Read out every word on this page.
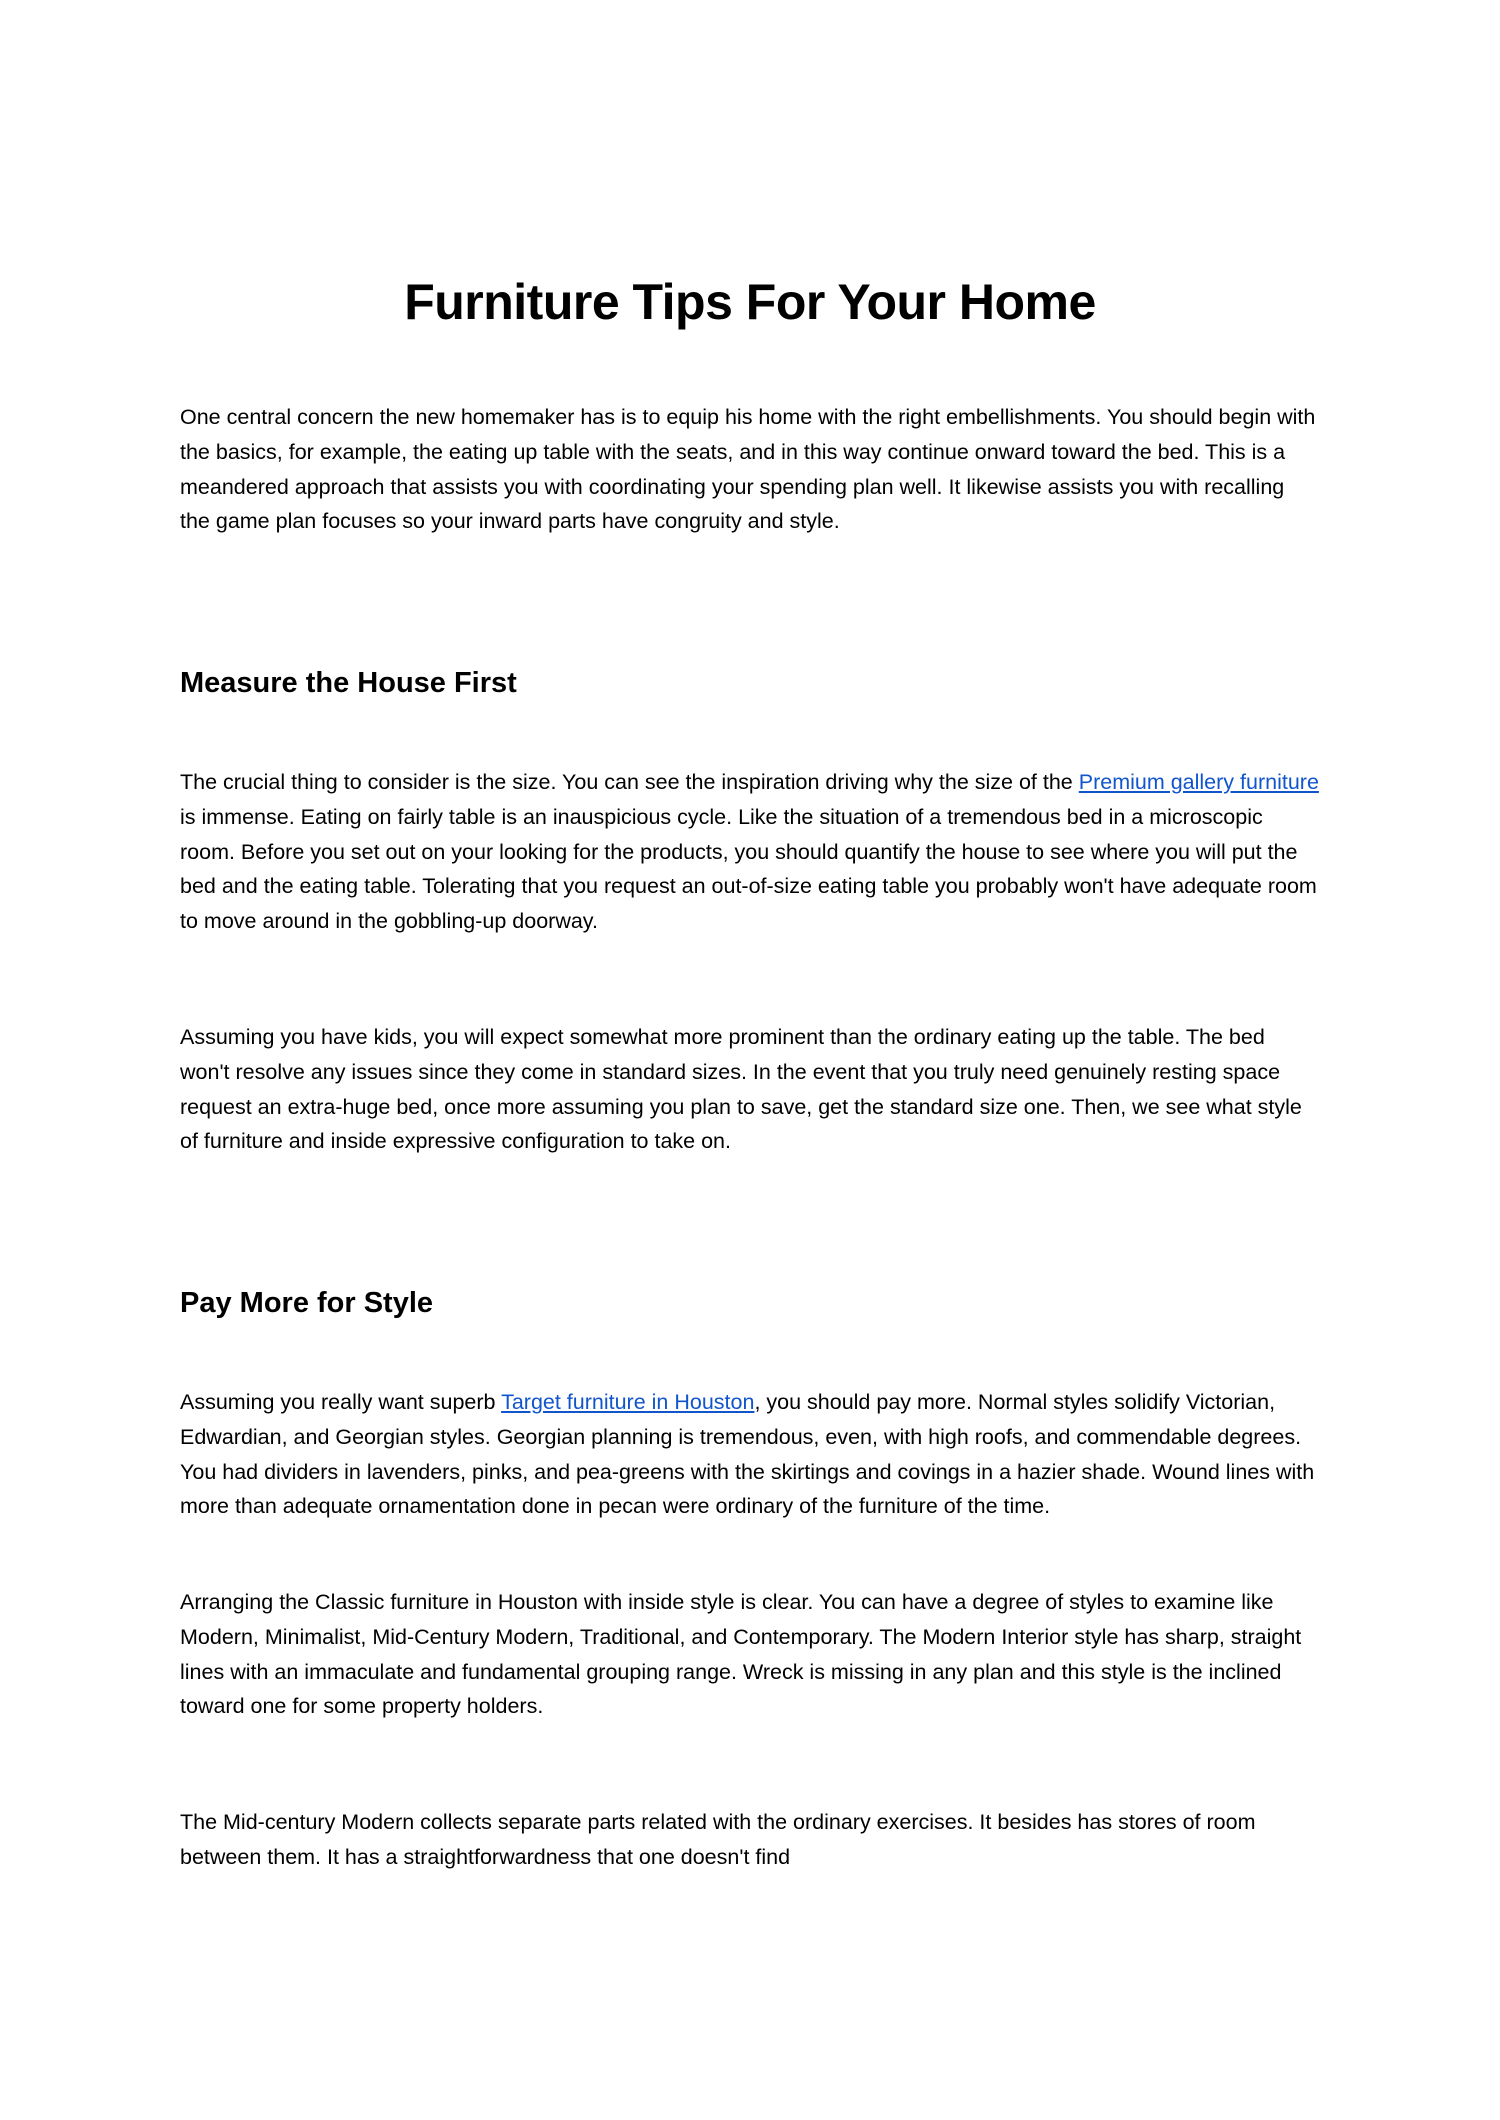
Furniture Tips For Your Home

One central concern the new homemaker has is to equip his home with the right embellishments. You should begin with the basics, for example, the eating up table with the seats, and in this way continue onward toward the bed. This is a meandered approach that assists you with coordinating your spending plan well. It likewise assists you with recalling the game plan focuses so your inward parts have congruity and style.

Measure the House First

The crucial thing to consider is the size. You can see the inspiration driving why the size of the Premium gallery furniture is immense. Eating on fairly table is an inauspicious cycle. Like the situation of a tremendous bed in a microscopic room. Before you set out on your looking for the products, you should quantify the house to see where you will put the bed and the eating table. Tolerating that you request an out-of-size eating table you probably won't have adequate room to move around in the gobbling-up doorway.

Assuming you have kids, you will expect somewhat more prominent than the ordinary eating up the table. The bed won't resolve any issues since they come in standard sizes. In the event that you truly need genuinely resting space request an extra-huge bed, once more assuming you plan to save, get the standard size one. Then, we see what style of furniture and inside expressive configuration to take on.

Pay More for Style

Assuming you really want superb Target furniture in Houston, you should pay more. Normal styles solidify Victorian, Edwardian, and Georgian styles. Georgian planning is tremendous, even, with high roofs, and commendable degrees. You had dividers in lavenders, pinks, and pea-greens with the skirtings and covings in a hazier shade. Wound lines with more than adequate ornamentation done in pecan were ordinary of the furniture of the time.

Arranging the Classic furniture in Houston with inside style is clear. You can have a degree of styles to examine like Modern, Minimalist, Mid-Century Modern, Traditional, and Contemporary. The Modern Interior style has sharp, straight lines with an immaculate and fundamental grouping range. Wreck is missing in any plan and this style is the inclined toward one for some property holders.

The Mid-century Modern collects separate parts related with the ordinary exercises. It besides has stores of room between them. It has a straightforwardness that one doesn't find
